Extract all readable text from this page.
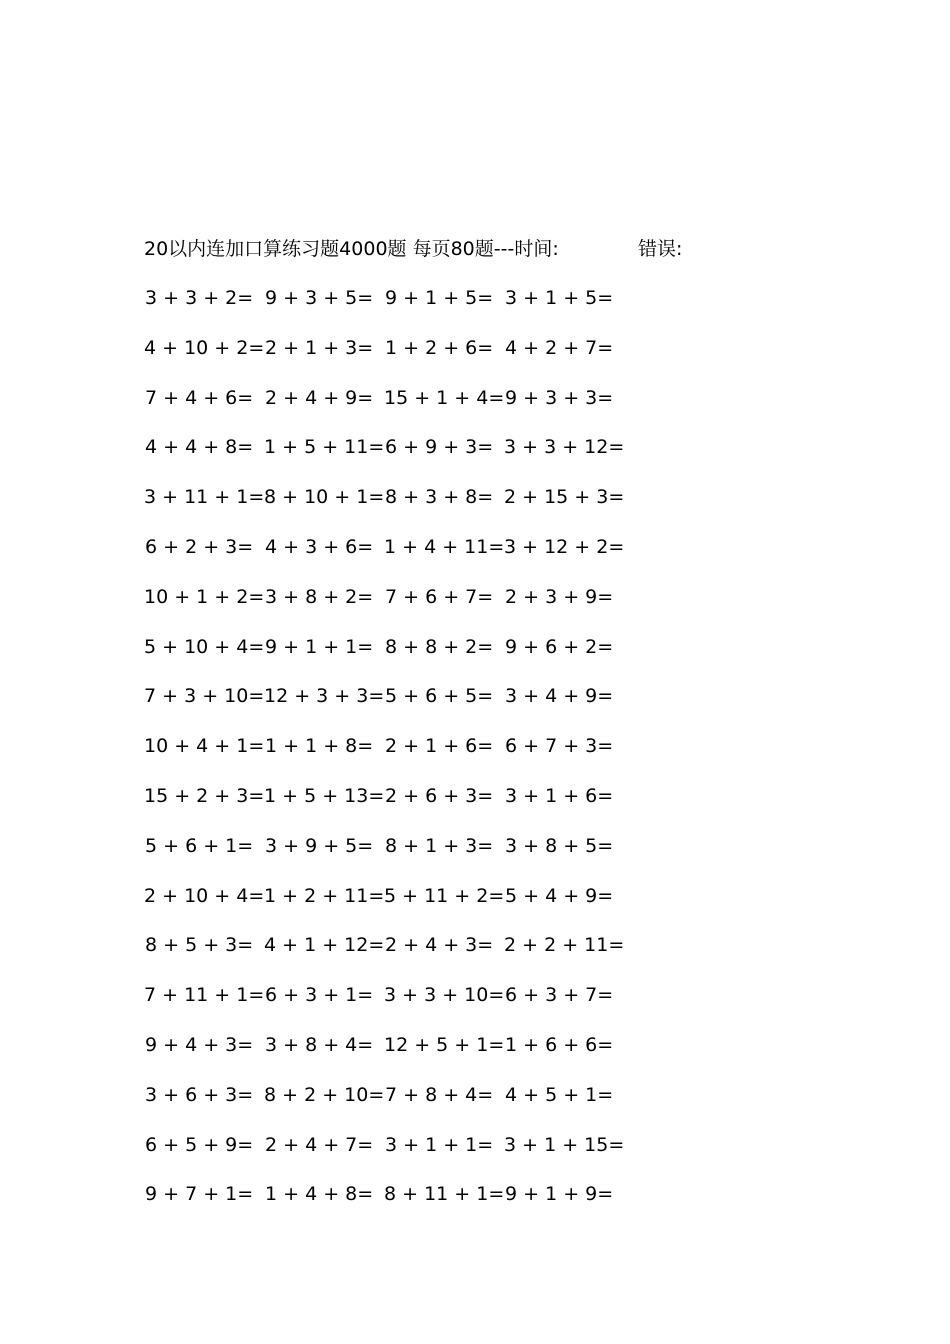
20以内连加口算练习题4000题 每页80题---时间:	错误:
3 + 3 + 2= 9 + 3 + 5= 9 + 1 + 5= 3 + 1 + 5=
4 + 10 + 2= 2 + 1 + 3= 1 + 2 + 6= 4 + 2 + 7=
7 + 4 + 6= 2 + 4 + 9= 15 + 1 + 4= 9 + 3 + 3=
4 + 4 + 8= 1 + 5 + 11= 6 + 9 + 3= 3 + 3 + 12=
3 + 11 + 1= 8 + 10 + 1= 8 + 3 + 8= 2 + 15 + 3=
6 + 2 + 3= 4 + 3 + 6= 1 + 4 + 11= 3 + 12 + 2=
10 + 1 + 2= 3 + 8 + 2= 7 + 6 + 7= 2 + 3 + 9=
5 + 10 + 4= 9 + 1 + 1= 8 + 8 + 2= 9 + 6 + 2=
7 + 3 + 10= 12 + 3 + 3= 5 + 6 + 5= 3 + 4 + 9=
10 + 4 + 1= 1 + 1 + 8= 2 + 1 + 6= 6 + 7 + 3=
15 + 2 + 3= 1 + 5 + 13= 2 + 6 + 3= 3 + 1 + 6=
5 + 6 + 1= 3 + 9 + 5= 8 + 1 + 3= 3 + 8 + 5=
2 + 10 + 4= 1 + 2 + 11= 5 + 11 + 2= 5 + 4 + 9=
8 + 5 + 3= 4 + 1 + 12= 2 + 4 + 3= 2 + 2 + 11=
7 + 11 + 1= 6 + 3 + 1= 3 + 3 + 10= 6 + 3 + 7=
9 + 4 + 3= 3 + 8 + 4= 12 + 5 + 1= 1 + 6 + 6=
3 + 6 + 3= 8 + 2 + 10= 7 + 8 + 4= 4 + 5 + 1=
6 + 5 + 9= 2 + 4 + 7= 3 + 1 + 1= 3 + 1 + 15=
9 + 7 + 1= 1 + 4 + 8= 8 + 11 + 1= 9 + 1 + 9=
